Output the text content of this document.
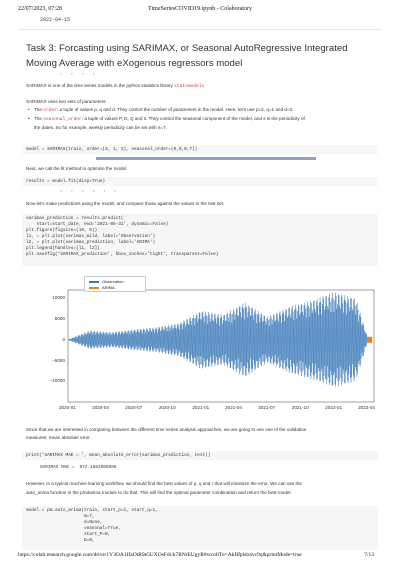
22/07/2023, 07:28	TimeSeriesCOVID19.ipynb - Colaboratory
2022-04-15
Task 3: Forcasting using SARIMAX, or Seasonal AutoRegressive Integrated Moving Average with eXogenous regressors model
▪ ▪ ▪ ▪
SARIMAX is one of the time series models in the python statistics library statsmodels
SARIMAX uses two sets of parameters:
• The order: a tuple of values p, q and d. They control the number of parameters in the model. Here, let's use p=2, q=1 and d=3.
• The seasonal_order: a tuple of values P, D, Q and s. They control the seasonal component of the model, and s is the periodicity of
the dates. So for example, weekly periodicity can be set with s=7.
model = SARIMAX(train, order=(3, 1, 2), seasonal_order=(0,0,0,7))
Next, we call the fit method to optimize the model.
results = model.fit(disp=True)
▪ ▪ ▪ ▪ ▪ ▪
Now let's make predictions using the model, and compare those against the values in the test set.
sarimax_prediction = results.predict(
start=start_date, end='2021-05-31', dynamic=False)
plt.figure(figsize=(10, 5))
l1, = plt.plot(sarimax_mild, label='Observation')
l2, = plt.plot(sarimax_prediction, label='ARIMA')
plt.legend(handles=[l1, l2])
plt.savefig('SARIMAX_prediction', bbox_inches='tight', transparent=False)
−10000
−5000
0
5000
10000
2020-01	2020-04	2020-07	2020-10	2021-01	2021-04	2021-07	2021-10	2022-01	2022-04
Observation
ARIMA
Since that we are interested in comparing between the different time series analysis approaches, we are going to use one of the validation
measures: mean absolute error.
print('SARIMAX MAE = ', mean_absolute_error(sarimax_prediction, test))
SARIMAX MAE =  972.1662966895
However, in a typical machine learning workflow, we should find the best values of p, q and r that will minimize the error. We can use the
auto_arima function in the pmdarima module to do that. This will find the optimal parameter combination and return the best model.
model = pm.auto_arima(train, start_p=1, start_q=1,
m=7,
d=None,
seasonal=True,
start_P=0,
D=0,
https://colab.research.google.com/drive/1Y3OA1IfaOtR9e5UXOsFdi/k7RNtEUgyR#scrollTo=AkIIfplsb4vc9q&printMode=true	7/13
